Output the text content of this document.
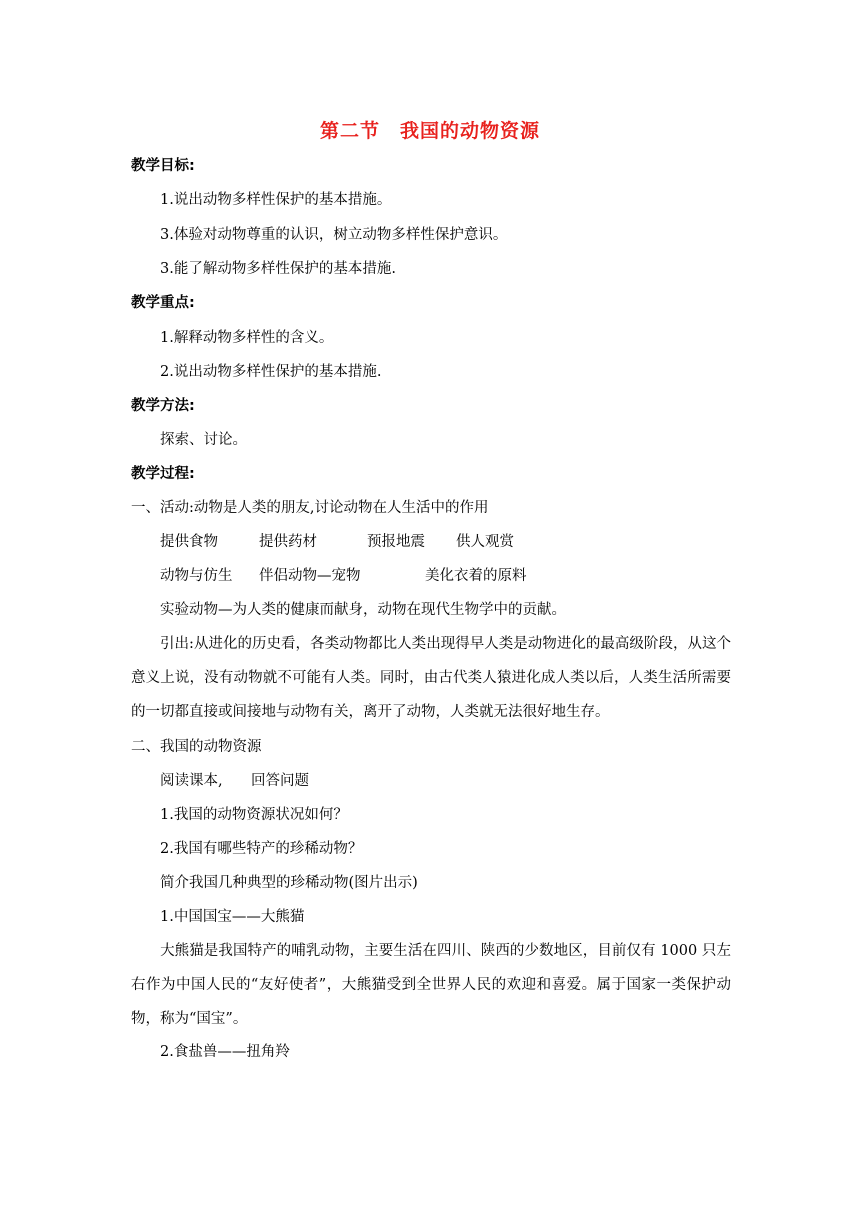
第二节　我国的动物资源
教学目标:
1.说出动物多样性保护的基本措施。
3.体验对动物尊重的认识，树立动物多样性保护意识。
3.能了解动物多样性保护的基本措施.
教学重点:
1.解释动物多样性的含义。
2.说出动物多样性保护的基本措施.
教学方法:
探索、讨论。
教学过程:
一、活动:动物是人类的朋友,讨论动物在人生活中的作用
提供食物	提供药材	预报地震 供人观赏
动物与仿生 伴侣动物—宠物	美化衣着的原料
实验动物—为人类的健康而献身，动物在现代生物学中的贡献。
引出:从进化的历史看，各类动物都比人类出现得早人类是动物进化的最高级阶段，从这个意义上说，没有动物就不可能有人类。同时，由古代类人猿进化成人类以后，人类生活所需要的一切都直接或间接地与动物有关，离开了动物，人类就无法很好地生存。
二、我国的动物资源
阅读课本, 回答问题
1.我国的动物资源状况如何？
2.我国有哪些特产的珍稀动物？
简介我国几种典型的珍稀动物(图片出示)
1.中国国宝——大熊猫
大熊猫是我国特产的哺乳动物，主要生活在四川、陕西的少数地区，目前仅有 1000 只左右作为中国人民的“友好使者”，大熊猫受到全世界人民的欢迎和喜爱。属于国家一类保护动物，称为“国宝”。
2.食盐兽——扭角羚
